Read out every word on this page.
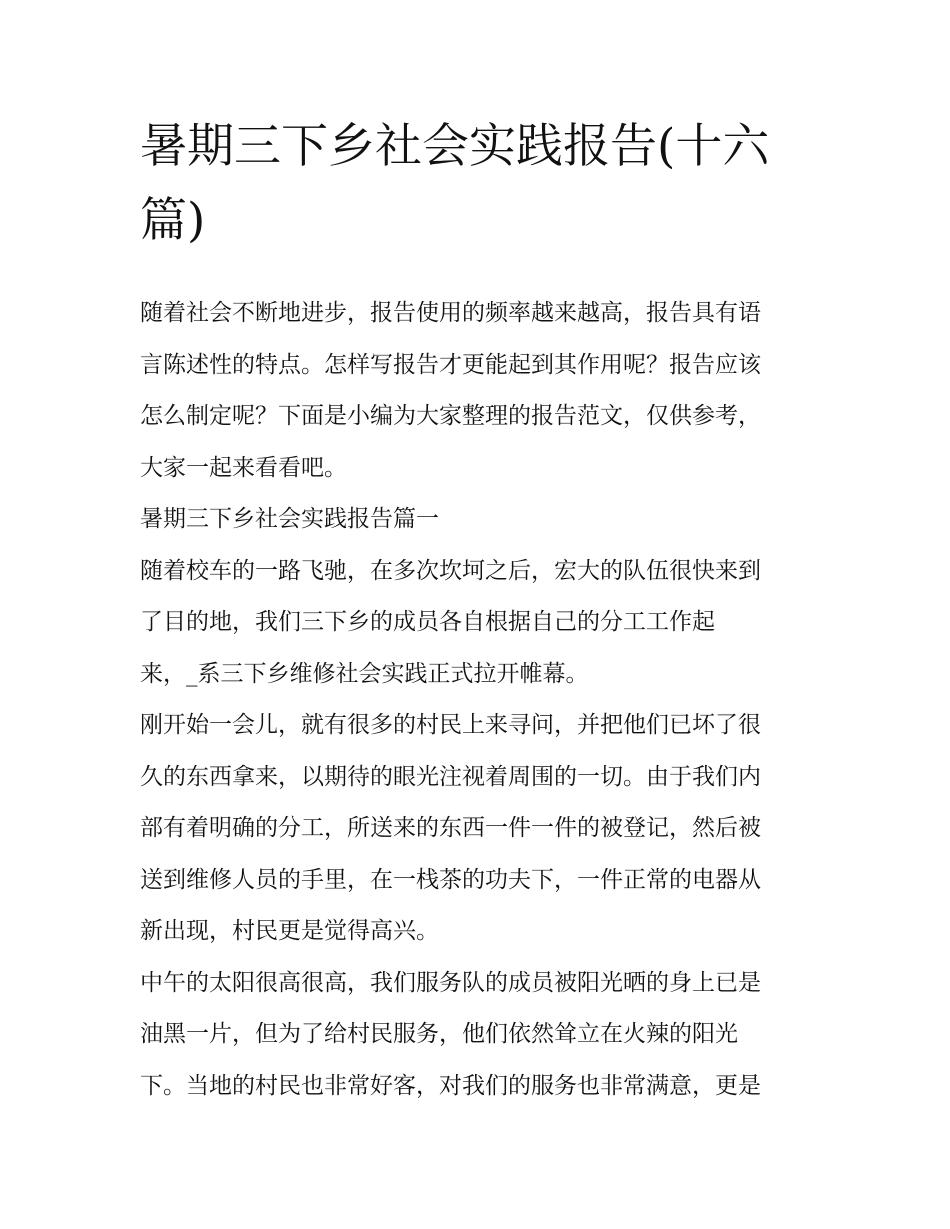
暑期三下乡社会实践报告(十六
篇)
随着社会不断地进步，报告使用的频率越来越高，报告具有语
言陈述性的特点。怎样写报告才更能起到其作用呢？报告应该
怎么制定呢？下面是小编为大家整理的报告范文，仅供参考，
大家一起来看看吧。
暑期三下乡社会实践报告篇一
随着校车的一路飞驰，在多次坎坷之后，宏大的队伍很快来到
了目的地，我们三下乡的成员各自根据自己的分工工作起
来，_系三下乡维修社会实践正式拉开帷幕。
刚开始一会儿，就有很多的村民上来寻问，并把他们已坏了很
久的东西拿来，以期待的眼光注视着周围的一切。由于我们内
部有着明确的分工，所送来的东西一件一件的被登记，然后被
送到维修人员的手里，在一栈茶的功夫下，一件正常的电器从
新出现，村民更是觉得高兴。
中午的太阳很高很高，我们服务队的成员被阳光晒的身上已是
油黑一片，但为了给村民服务，他们依然耸立在火辣的阳光
下。当地的村民也非常好客，对我们的服务也非常满意，更是
